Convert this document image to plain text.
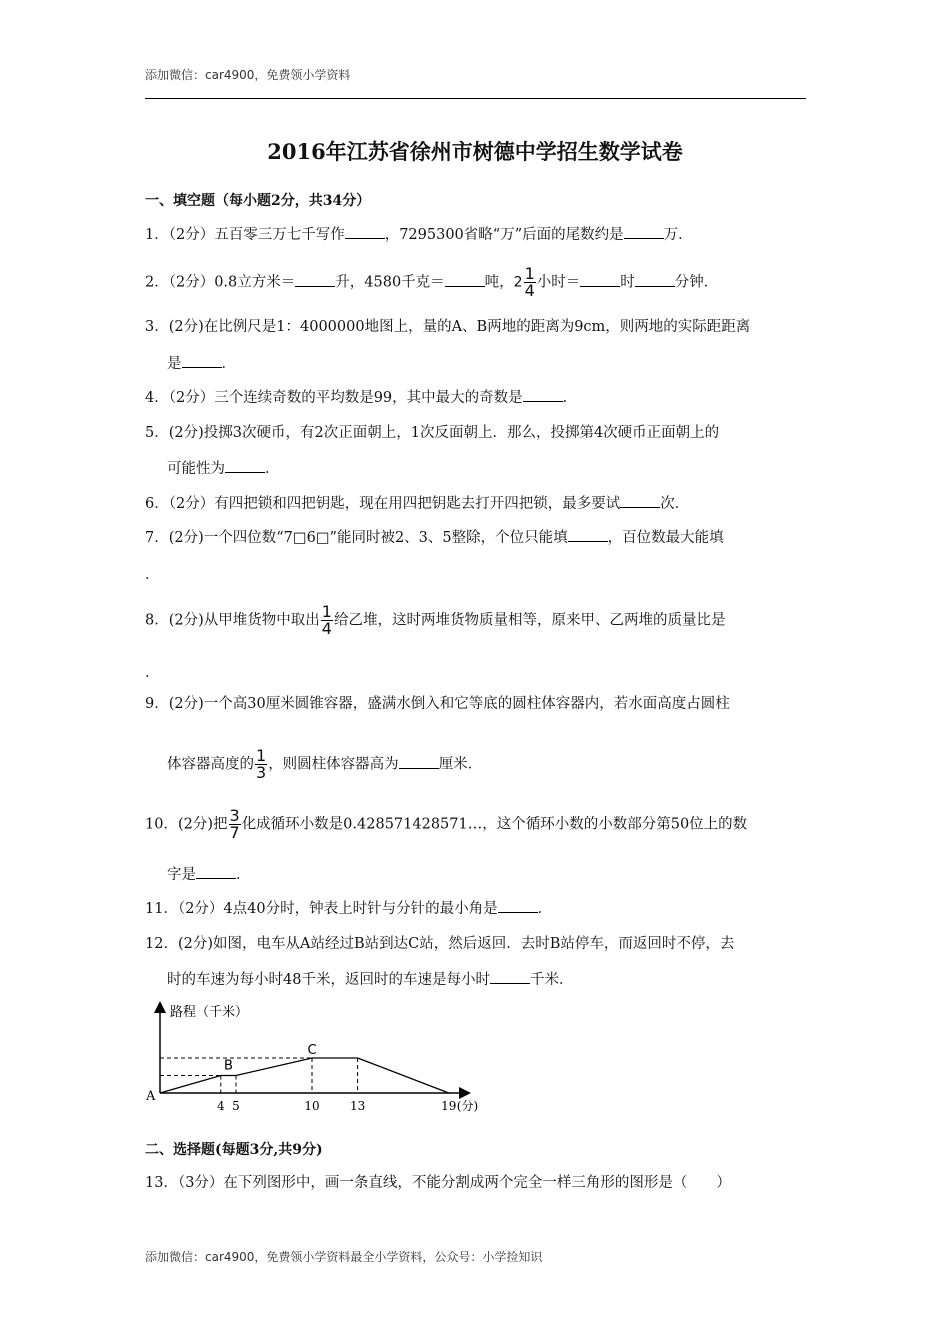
添加微信：car4900，免费领小学资料
2016年江苏省徐州市树德中学招生数学试卷
一、填空题（每小题2分，共34分）
1．（2分）五百零三万七千写作	，7295300省略“万”后面的尾数约是	万．
2．（2分）0.8立方米＝	升，4580千克＝	吨，$2 \frac{1}{4}$ 小时＝	时	分钟．
3．(2分)在比例尺是1：4000000地图上，量的A、B两地的距离为9cm，则两地的实际距距离
是	．
4．（2分）三个连续奇数的平均数是99，其中最大的奇数是	．
5．(2分)投掷3次硬币，有2次正面朝上，1次反面朝上．那么，投掷第4次硬币正面朝上的
可能性为	．
6．（2分）有四把锁和四把钥匙，现在用四把钥匙去打开四把锁，最多要试	次．
7．(2分)一个四位数“7□6□”能同时被2、3、5整除，个位只能填	，百位数最大能填
．
8．(2分)从甲堆货物中取出 $\frac{1}{4}$ 给乙堆，这时两堆货物质量相等，原来甲、乙两堆的质量比是
．
9．(2分)一个高30厘米圆锥容器，盛满水倒入和它等底的圆柱体容器内，若水面高度占圆柱
体容器高度的 $\frac{1}{3}$ ，则圆柱体容器高为	厘米．
10．(2分)把 $\frac{3}{7}$ 化成循环小数是0.428571428571…，这个循环小数的小数部分第50位上的数
字是	．
11．（2分）4点40分时，钟表上时针与分针的最小角是	．
12．(2分)如图，电车从A站经过B站到达C站，然后返回．去时B站停车，而返回时不停，去
时的车速为每小时48千米，返回时的车速是每小时	千米．
路程（千米）
4 5	10	13	19 (分)
A
B
C
二、选择题(每题3分,共9分)
13．（3分）在下列图形中，画一条直线，不能分割成两个完全一样三角形的图形是（　　）
添加微信：car4900，免费领小学资料最全小学资料，公众号：小学捡知识
